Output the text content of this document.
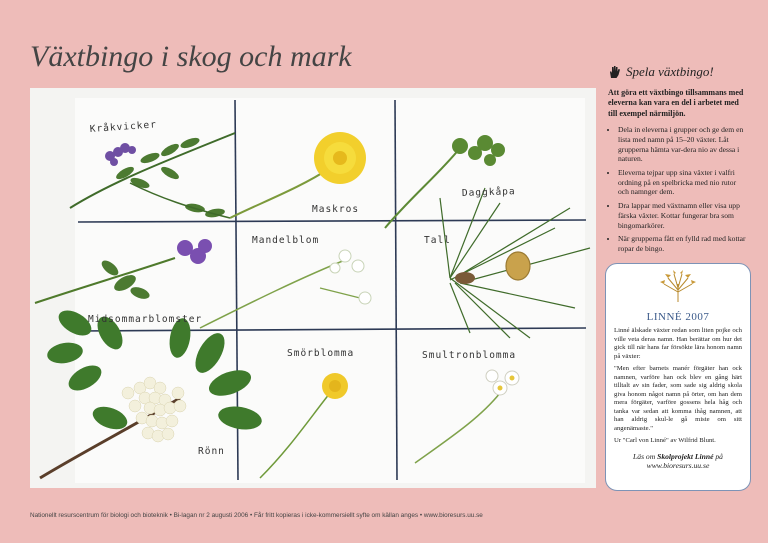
Växtbingo i skog och mark
Kråkvicker
Maskros
Daggkåpa
Mandelblom	Tall
Midsommarblomster
Smörblomma	Smultronblomma
Rönn
Spela växtbingo!

Att göra ett växtbingo tillsammans med eleverna kan vara en del i arbetet med till exempel närmiljön.

• Dela in eleverna i grupper och ge dem en lista med namn på 15–20 växter. Låt grupperna hämta var-dera nio av dessa i naturen.
• Eleverna tejpar upp sina växter i valfri ordning på en spelbricka med nio rutor och namnger dem.
• Dra lappar med växtnamn eller visa upp färska växter. Kottar fungerar bra som bingomarkörer.
• När grupperna fått en fylld rad med kottar ropar de bingo.
LINNÉ 2007

Linné älskade växter redan som liten pojke och ville veta deras namn. Han berättar om hur det gick till när hans far försökte lära honom namn på växter:

"Men efter barnets manér förgäter han ock namnen, varföre han ock blev en gång härt tilltalt av sin fader, som sade sig aldrig skola giva honom något namn på örter, om han dem mera förgäter, varföre gossens hela håg och tanka var sedan att komma ihåg namnen, att han aldrig skul-le gå miste om sitt angenämaste."

Ur "Carl von Linné" av Wilfrid Blunt.

Läs om Skolprojekt Linné på
www.bioresurs.uu.se
Nationellt resurscentrum för biologi och bioteknik • Bi-lagan nr 2 augusti 2006 • Får fritt kopieras i icke-kommersiellt syfte om källan anges • www.bioresurs.uu.se
